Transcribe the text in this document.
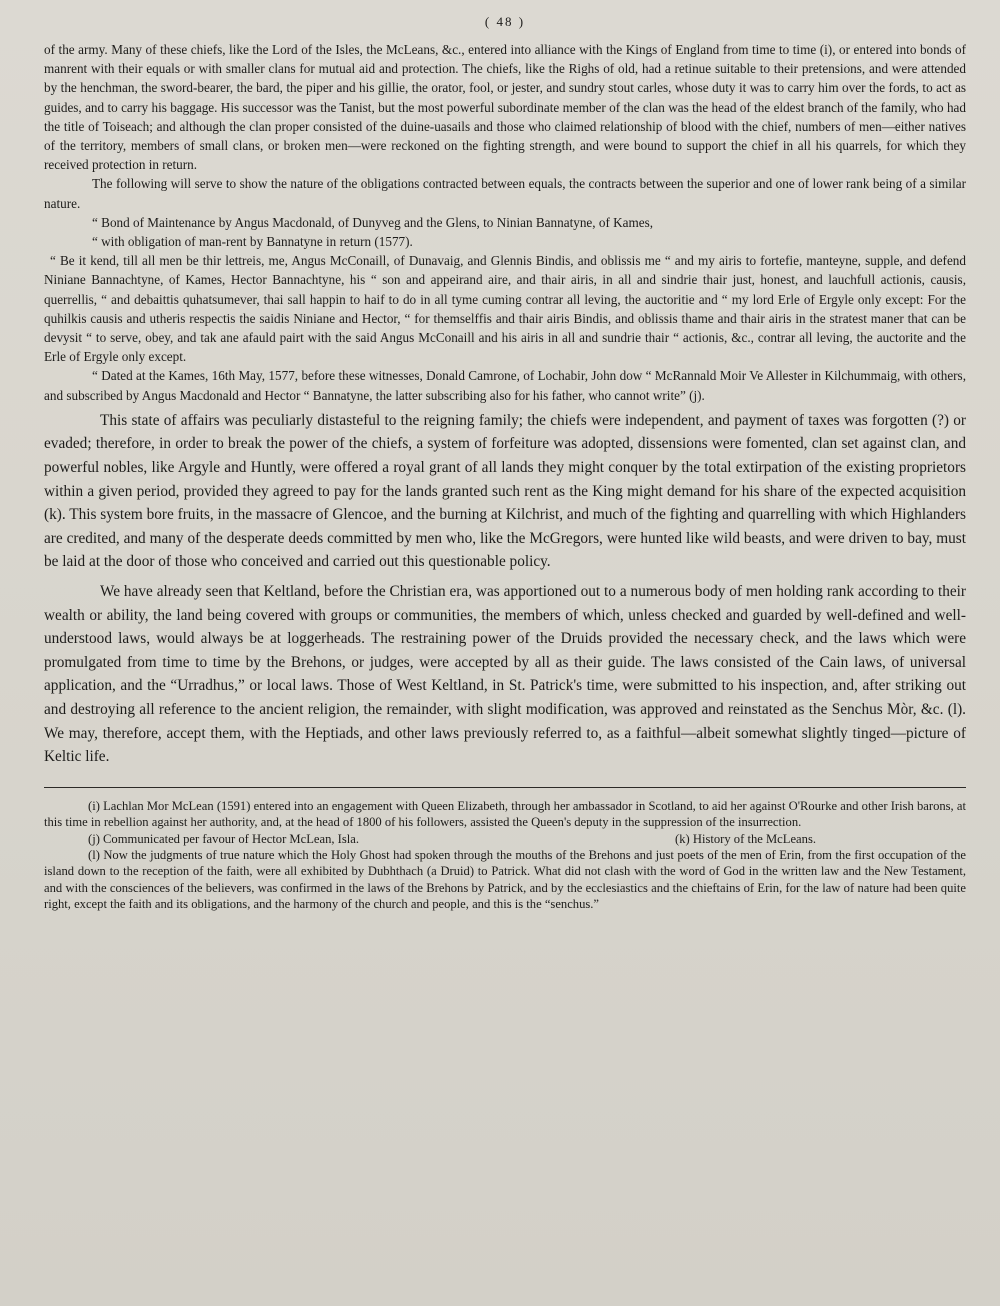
( 48 )

of the army. Many of these chiefs, like the Lord of the Isles, the McLeans, &c., entered into alliance with the Kings of England from time to time (i), or entered into bonds of manrent with their equals or with smaller clans for mutual aid and protection. The chiefs, like the Righs of old, had a retinue suitable to their pretensions, and were attended by the henchman, the sword-bearer, the bard, the piper and his gillie, the orator, fool, or jester, and sundry stout carles, whose duty it was to carry him over the fords, to act as guides, and to carry his baggage. His successor was the Tanist, but the most powerful subordinate member of the clan was the head of the eldest branch of the family, who had the title of Toiseach; and although the clan proper consisted of the duine-uasails and those who claimed relationship of blood with the chief, numbers of men—either natives of the territory, members of small clans, or broken men—were reckoned on the fighting strength, and were bound to support the chief in all his quarrels, for which they received protection in return.

The following will serve to show the nature of the obligations contracted between equals, the contracts between the superior and one of lower rank being of a similar nature.

“ Bond of Maintenance by Angus Macdonald, of Dunyveg and the Glens, to Ninian Bannatyne, of Kames,

“ with obligation of man-rent by Bannatyne in return (1577).

“ Be it kend, till all men be thir lettreis, me, Angus McConaill, of Dunavaig, and Glennis Bindis, and oblissis me “ and my airis to fortefie, manteyne, supple, and defend Niniane Bannachtyne, of Kames, Hector Bannachtyne, his “ son and appeirand aire, and thair airis, in all and sindrie thair just, honest, and lauchfull actionis, causis, querrellis, “ and debaittis quhatsumever, thai sall happin to haif to do in all tyme cuming contrar all leving, the auctoritie and “ my lord Erle of Ergyle only except: For the quhilkis causis and utheris respectis the saidis Niniane and Hector, “ for themselffis and thair airis Bindis, and oblissis thame and thair airis in the stratest maner that can be devysit “ to serve, obey, and tak ane afauld pairt with the said Angus McConaill and his airis in all and sundrie thair “ actionis, &c., contrar all leving, the auctorite and the Erle of Ergyle only except.

“ Dated at the Kames, 16th May, 1577, before these witnesses, Donald Camrone, of Lochabir, John dow “ McRannald Moir Ve Allester in Kilchummaig, with others, and subscribed by Angus Macdonald and Hector “ Bannatyne, the latter subscribing also for his father, who cannot write” (j).

This state of affairs was peculiarly distasteful to the reigning family; the chiefs were independent, and payment of taxes was forgotten (?) or evaded; therefore, in order to break the power of the chiefs, a system of forfeiture was adopted, dissensions were fomented, clan set against clan, and powerful nobles, like Argyle and Huntly, were offered a royal grant of all lands they might conquer by the total extirpation of the existing proprietors within a given period, provided they agreed to pay for the lands granted such rent as the King might demand for his share of the expected acquisition (k). This system bore fruits, in the massacre of Glencoe, and the burning at Kilchrist, and much of the fighting and quarrelling with which Highlanders are credited, and many of the desperate deeds committed by men who, like the McGregors, were hunted like wild beasts, and were driven to bay, must be laid at the door of those who conceived and carried out this questionable policy.

We have already seen that Keltland, before the Christian era, was apportioned out to a numerous body of men holding rank according to their wealth or ability, the land being covered with groups or communities, the members of which, unless checked and guarded by well-defined and well-understood laws, would always be at loggerheads. The restraining power of the Druids provided the necessary check, and the laws which were promulgated from time to time by the Brehons, or judges, were accepted by all as their guide. The laws consisted of the Cain laws, of universal application, and the “Urradhus,” or local laws. Those of West Keltland, in St. Patrick's time, were submitted to his inspection, and, after striking out and destroying all reference to the ancient religion, the remainder, with slight modification, was approved and reinstated as the Senchus Mòr, &c. (l). We may, therefore, accept them, with the Heptiads, and other laws previously referred to, as a faithful—albeit somewhat slightly tinged—picture of Keltic life.

(i) Lachlan Mor McLean (1591) entered into an engagement with Queen Elizabeth, through her ambassador in Scotland, to aid her against O'Rourke and other Irish barons, at this time in rebellion against her authority, and, at the head of 1800 of his followers, assisted the Queen's deputy in the suppression of the insurrection.

(j) Communicated per favour of Hector McLean, Isla.	(k) History of the McLeans.

(l) Now the judgments of true nature which the Holy Ghost had spoken through the mouths of the Brehons and just poets of the men of Erin, from the first occupation of the island down to the reception of the faith, were all exhibited by Dubhthach (a Druid) to Patrick. What did not clash with the word of God in the written law and the New Testament, and with the consciences of the believers, was confirmed in the laws of the Brehons by Patrick, and by the ecclesiastics and the chieftains of Erin, for the law of nature had been quite right, except the faith and its obligations, and the harmony of the church and people, and this is the “senchus.”
